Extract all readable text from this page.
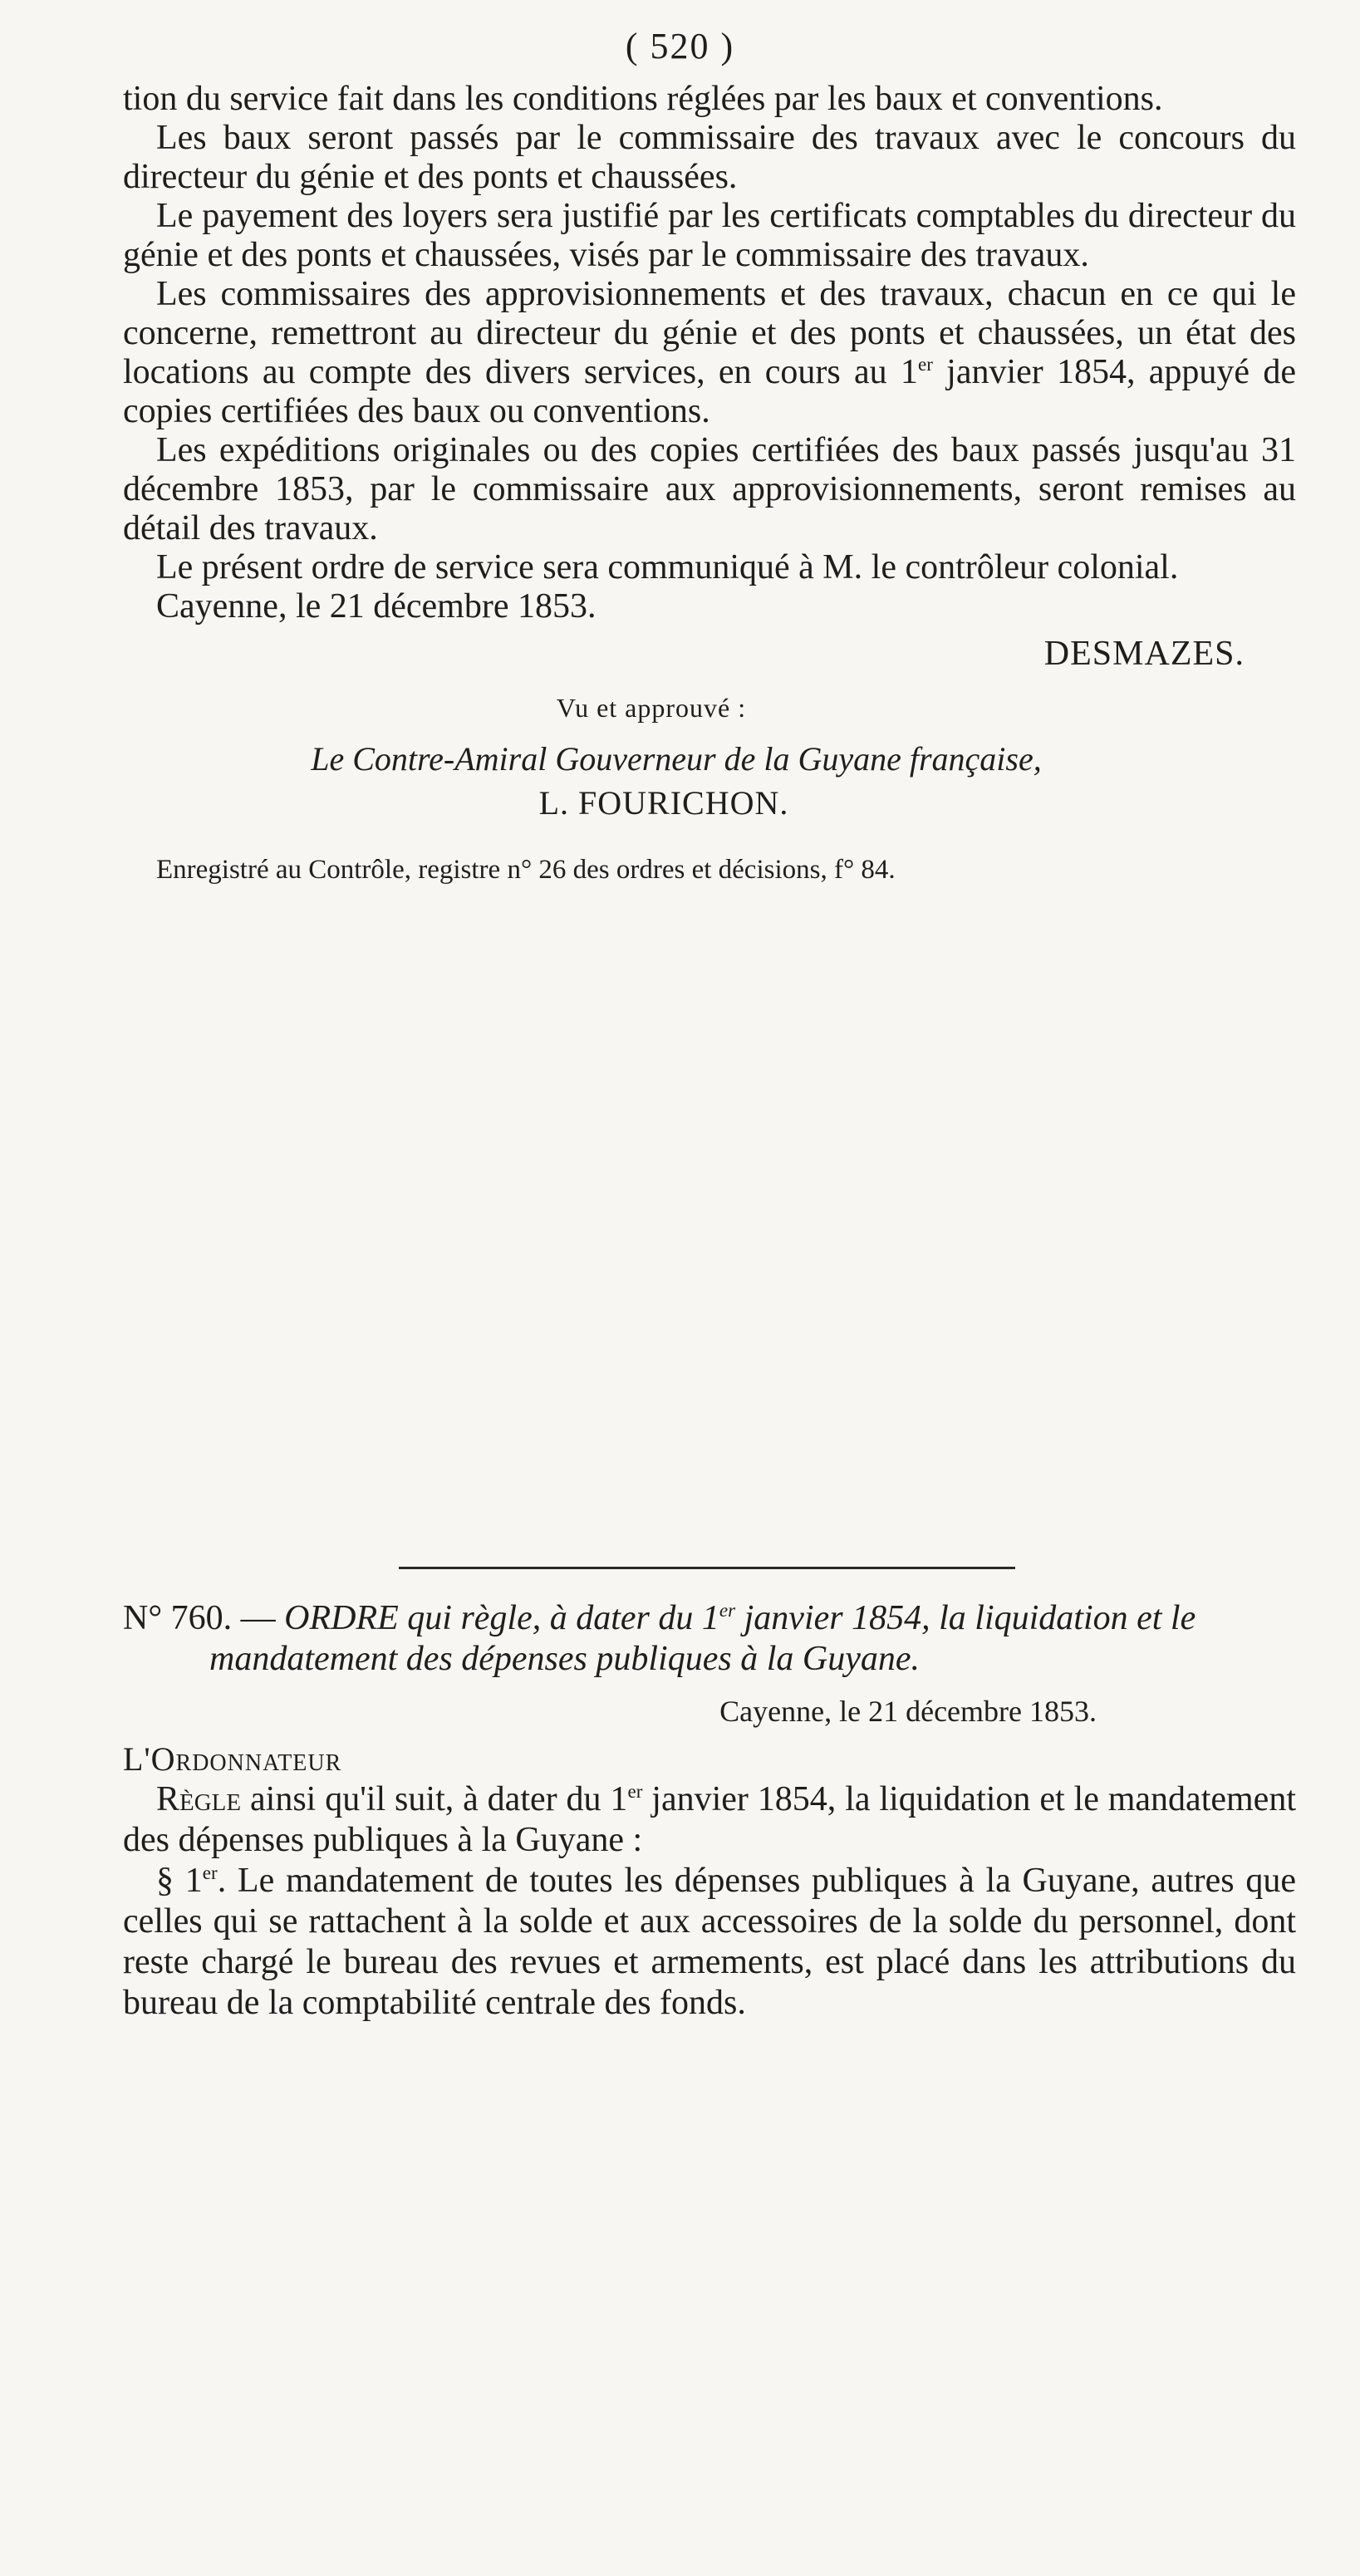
( 520 )

tion du service fait dans les conditions réglées par les baux et conventions.

Les baux seront passés par le commissaire des travaux avec le concours du directeur du génie et des ponts et chaussées.

Le payement des loyers sera justifié par les certificats comptables du directeur du génie et des ponts et chaussées, visés par le commissaire des travaux.

Les commissaires des approvisionnements et des travaux, chacun en ce qui le concerne, remettront au directeur du génie et des ponts et chaussées, un état des locations au compte des divers services, en cours au 1er janvier 1854, appuyé de copies certifiées des baux ou conventions.

Les expéditions originales ou des copies certifiées des baux passés jusqu'au 31 décembre 1853, par le commissaire aux approvisionnements, seront remises au détail des travaux.

Le présent ordre de service sera communiqué à M. le contrôleur colonial.

Cayenne, le 21 décembre 1853.

DESMAZES.
Vu et approuvé :
Le Contre-Amiral Gouverneur de la Guyane française,
L. FOURICHON.

Enregistré au Contrôle, registre n° 26 des ordres et décisions, f° 84.

N° 760. — ORDRE qui règle, à dater du 1er janvier 1854, la liquidation et le mandatement des dépenses publiques à la Guyane.

Cayenne, le 21 décembre 1853.

L'Ordonnateur

Règle ainsi qu'il suit, à dater du 1er janvier 1854, la liquidation et le mandatement des dépenses publiques à la Guyane :

§ 1er. Le mandatement de toutes les dépenses publiques à la Guyane, autres que celles qui se rattachent à la solde et aux accessoires de la solde du personnel, dont reste chargé le bureau des revues et armements, est placé dans les attributions du bureau de la comptabilité centrale des fonds.
